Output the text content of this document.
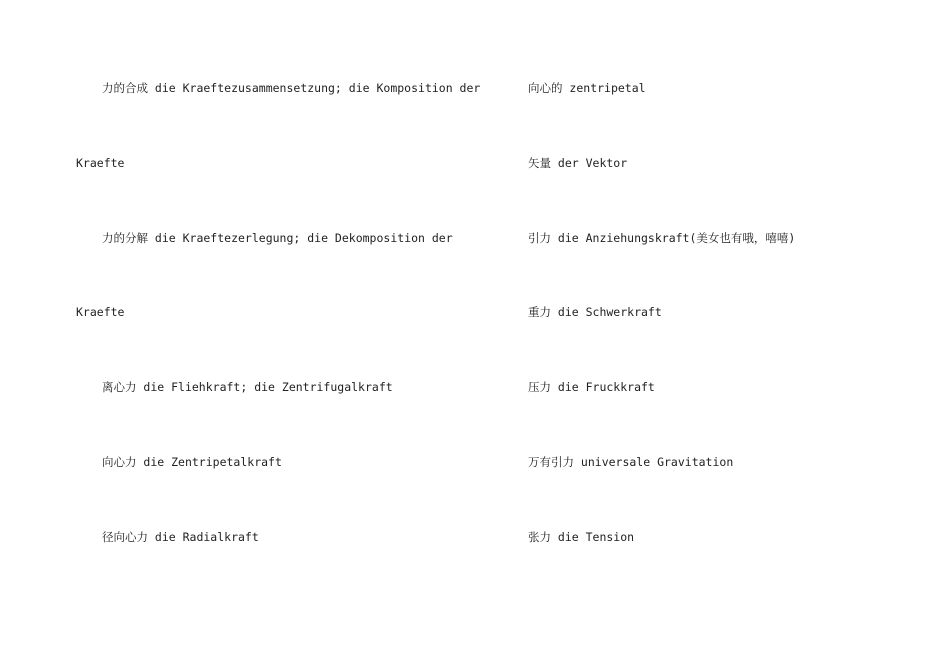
力的合成 die Kraeftezusammensetzung; die Komposition der
Kraefte
力的分解 die Kraeftezerlegung; die Dekomposition der
Kraefte
离心力 die Fliehkraft; die Zentrifugalkraft
向心力 die Zentripetalkraft
径向心力 die Radialkraft
向心的 zentripetal
矢量 der Vektor
引力 die Anziehungskraft(美女也有哦，嘻嘻)
重力 die Schwerkraft
压力 die Fruckkraft
万有引力 universale Gravitation
张力 die Tension
